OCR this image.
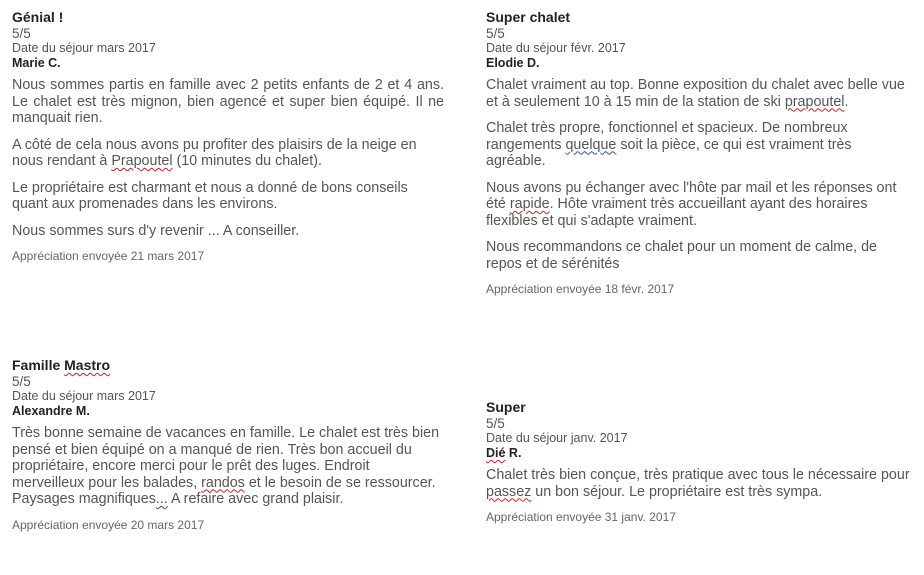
Génial !

5/5

Date du séjour mars 2017

Marie C.

Nous sommes partis en famille avec 2 petits enfants de 2 et 4 ans. Le chalet est très mignon, bien agencé et super bien équipé. Il ne manquait rien.

A côté de cela nous avons pu profiter des plaisirs de la neige en nous rendant à Prapoutel (10 minutes du chalet).

Le propriétaire est charmant et nous a donné de bons conseils quant aux promenades dans les environs.

Nous sommes surs d'y revenir ... A conseiller.

Appréciation envoyée 21 mars 2017

Famille Mastro

5/5

Date du séjour mars 2017

Alexandre M.

Très bonne semaine de vacances en famille. Le chalet est très bien pensé et bien équipé on a manqué de rien. Très bon accueil du propriétaire, encore merci pour le prêt des luges. Endroit merveilleux pour les balades, randos et le besoin de se ressourcer. Paysages magnifiques... A refaire avec grand plaisir.

Appréciation envoyée 20 mars 2017

Super chalet

5/5

Date du séjour févr. 2017

Elodie D.

Chalet vraiment au top. Bonne exposition du chalet avec belle vue et à seulement 10 à 15 min de la station de ski prapoutel.

Chalet très propre, fonctionnel et spacieux. De nombreux rangements quelque soit la pièce, ce qui est vraiment très agréable.

Nous avons pu échanger avec l'hôte par mail et les réponses ont été rapide. Hôte vraiment très accueillant ayant des horaires flexibles et qui s'adapte vraiment.

Nous recommandons ce chalet pour un moment de calme, de repos et de sérénités

Appréciation envoyée 18 févr. 2017

Super

5/5

Date du séjour janv. 2017

Dié R.

Chalet très bien conçue, très pratique avec tous le nécessaire pour passez un bon séjour. Le propriétaire est très sympa.

Appréciation envoyée 31 janv. 2017
